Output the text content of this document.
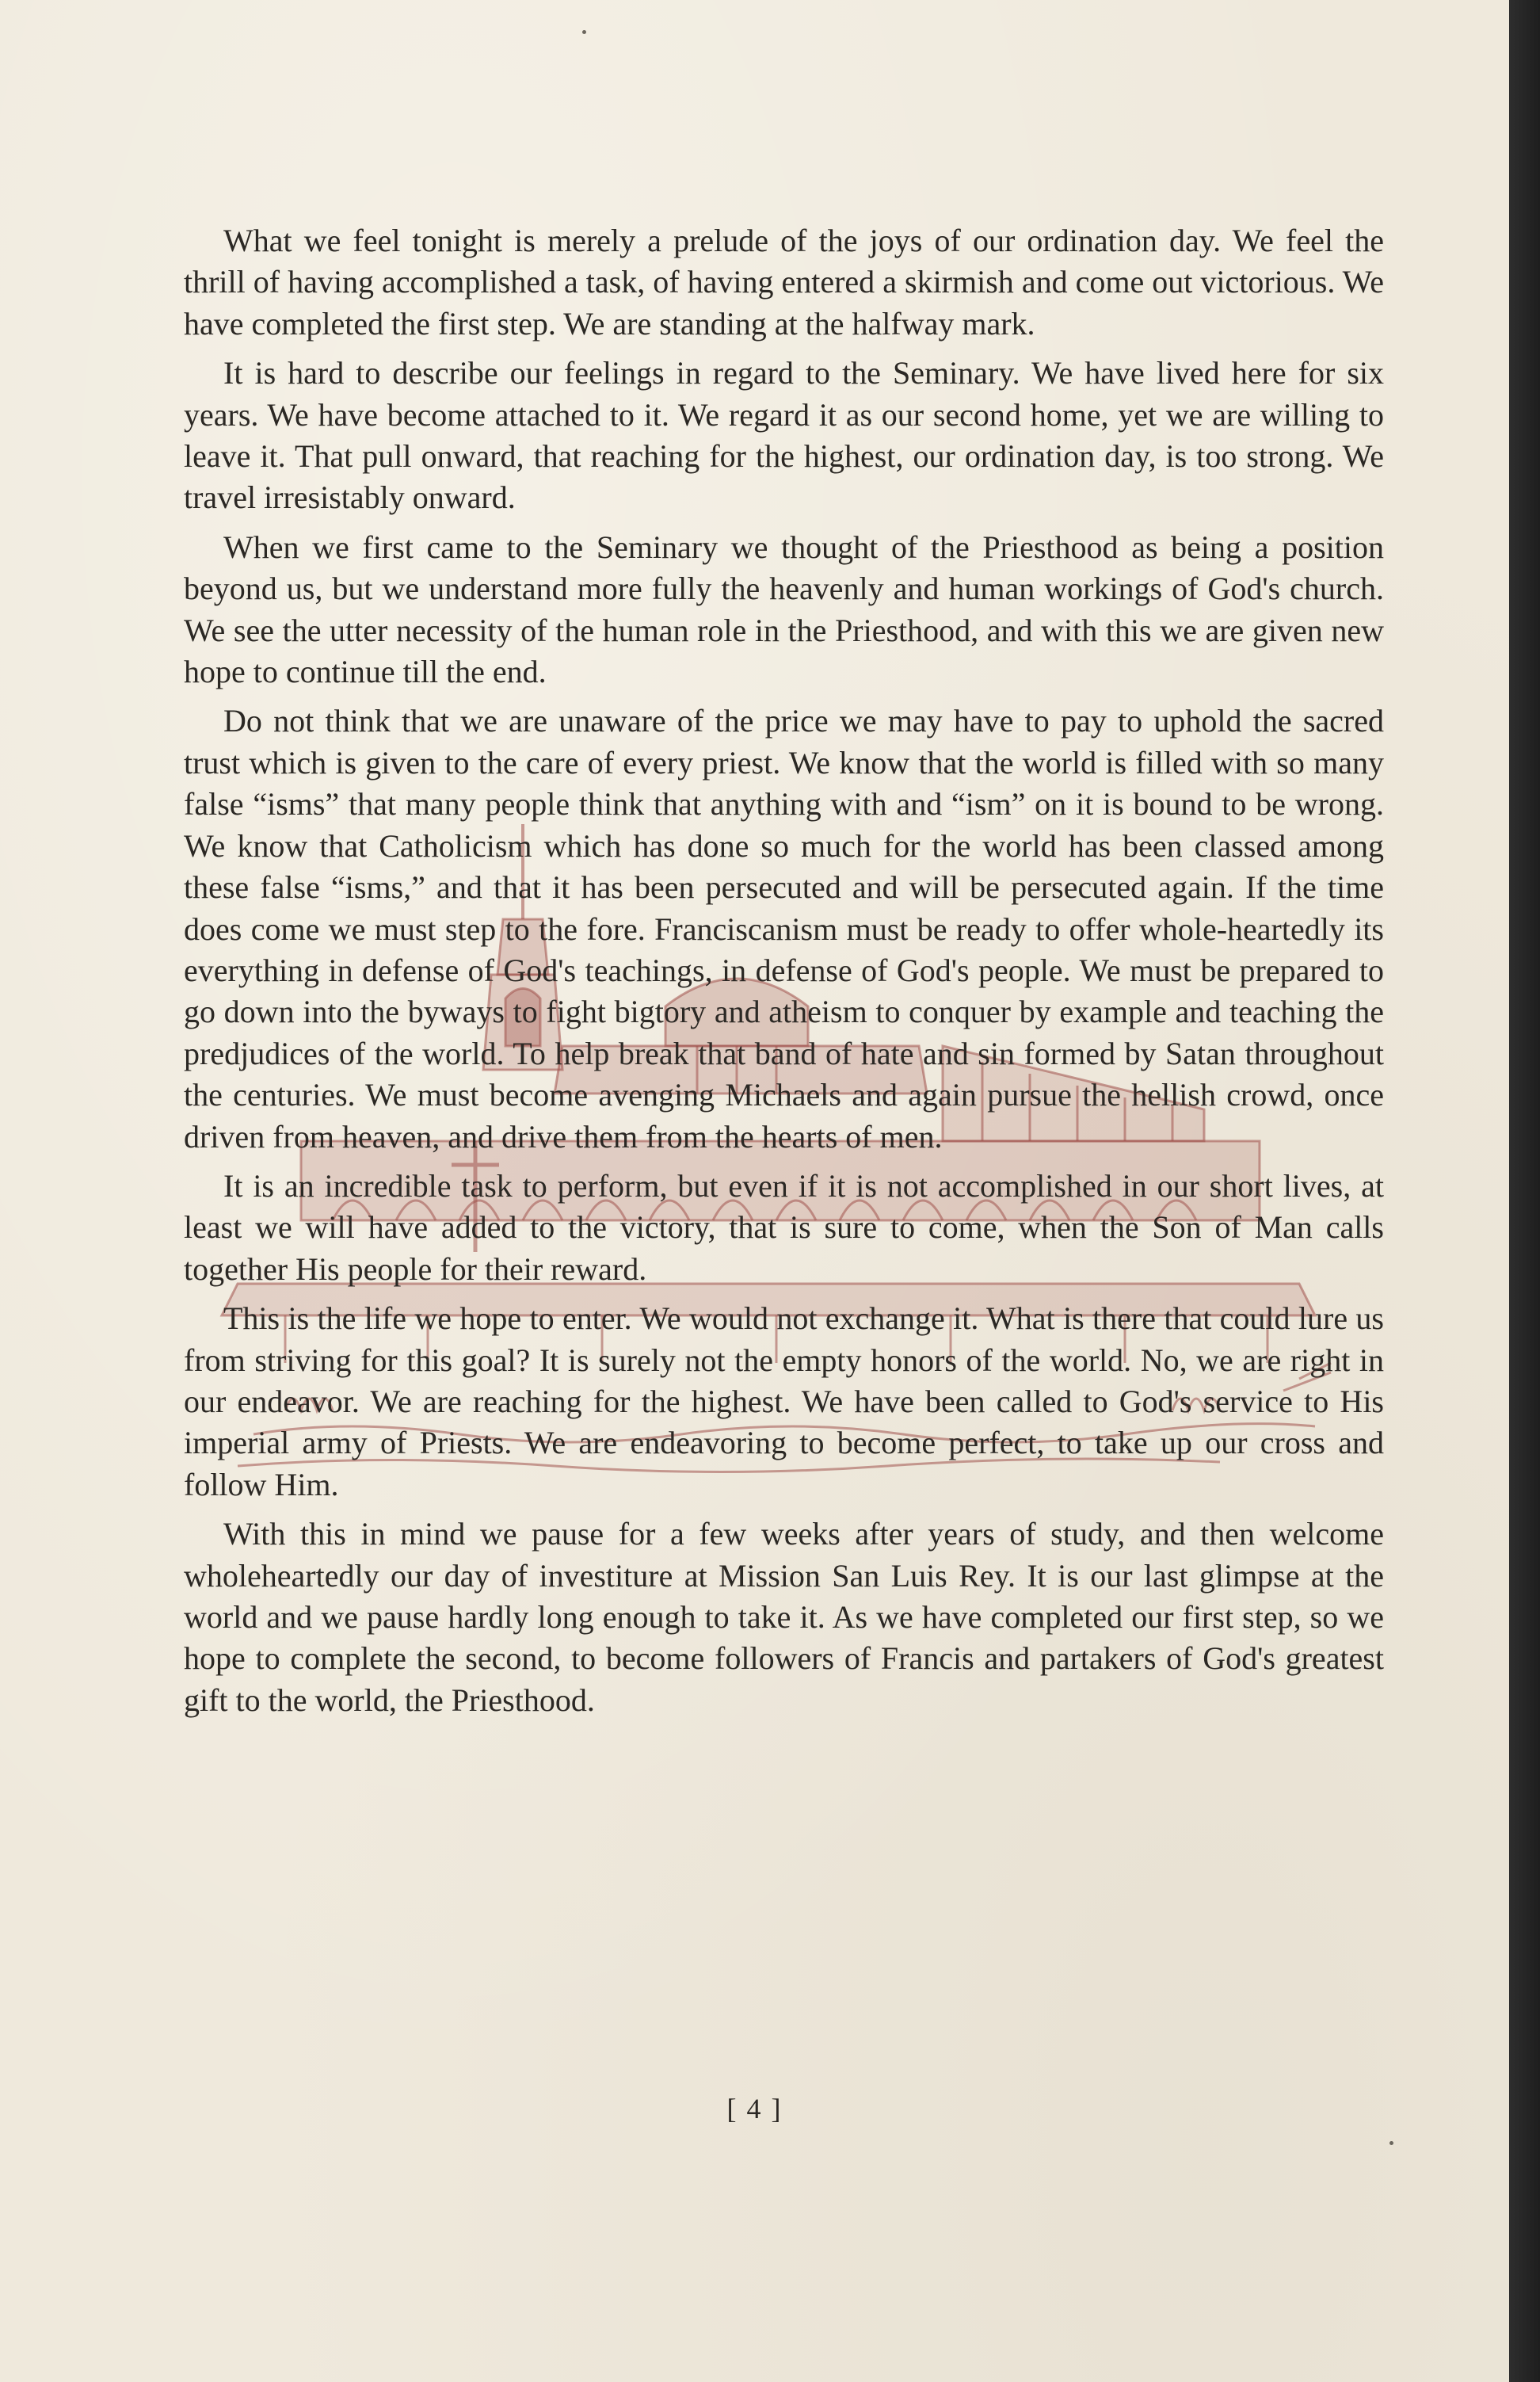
What we feel tonight is merely a prelude of the joys of our ordination day. We feel the thrill of having accomplished a task, of having entered a skirmish and come out victorious. We have completed the first step. We are standing at the halfway mark.

It is hard to describe our feelings in regard to the Seminary. We have lived here for six years. We have become attached to it. We regard it as our second home, yet we are willing to leave it. That pull onward, that reaching for the highest, our ordination day, is too strong. We travel irresistably onward.

When we first came to the Seminary we thought of the Priesthood as being a position beyond us, but we understand more fully the heavenly and human workings of God's church. We see the utter necessity of the human role in the Priesthood, and with this we are given new hope to continue till the end.

Do not think that we are unaware of the price we may have to pay to uphold the sacred trust which is given to the care of every priest. We know that the world is filled with so many false “isms” that many people think that anything with and “ism” on it is bound to be wrong. We know that Catholicism which has done so much for the world has been classed among these false “isms,” and that it has been persecuted and will be persecuted again. If the time does come we must step to the fore. Franciscanism must be ready to offer whole-heartedly its everything in defense of God's teachings, in defense of God's people. We must be prepared to go down into the byways to fight bigtory and atheism to conquer by example and teaching the predjudices of the world. To help break that band of hate and sin formed by Satan throughout the centuries. We must become avenging Michaels and again pursue the hellish crowd, once driven from heaven, and drive them from the hearts of men.

It is an incredible task to perform, but even if it is not accomplished in our short lives, at least we will have added to the victory, that is sure to come, when the Son of Man calls together His people for their reward.

This is the life we hope to enter. We would not exchange it. What is there that could lure us from striving for this goal? It is surely not the empty honors of the world. No, we are right in our endeavor. We are reaching for the highest. We have been called to God's service to His imperial army of Priests. We are endeavoring to become perfect, to take up our cross and follow Him.

With this in mind we pause for a few weeks after years of study, and then welcome wholeheartedly our day of investiture at Mission San Luis Rey. It is our last glimpse at the world and we pause hardly long enough to take it. As we have completed our first step, so we hope to complete the second, to become followers of Francis and partakers of God's greatest gift to the world, the Priesthood.

[ 4 ]
